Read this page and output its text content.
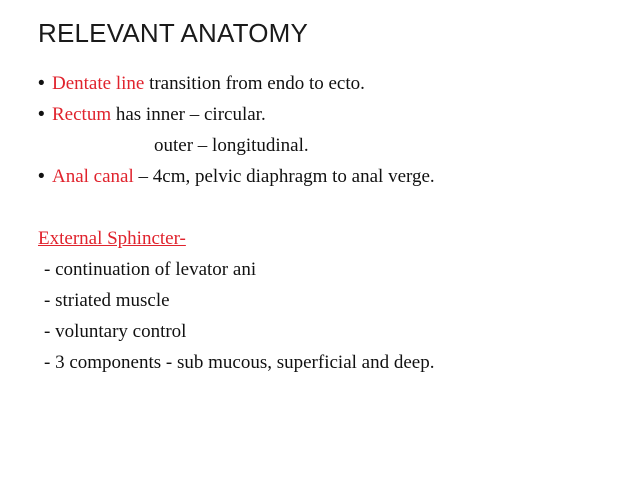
RELEVANT ANATOMY
• Dentate line transition from endo to ecto.
• Rectum has inner – circular.
outer – longitudinal.
• Anal canal – 4cm, pelvic diaphragm to anal verge.
External Sphincter-
- continuation of levator ani
- striated muscle
- voluntary control
- 3 components - sub mucous, superficial and deep.
